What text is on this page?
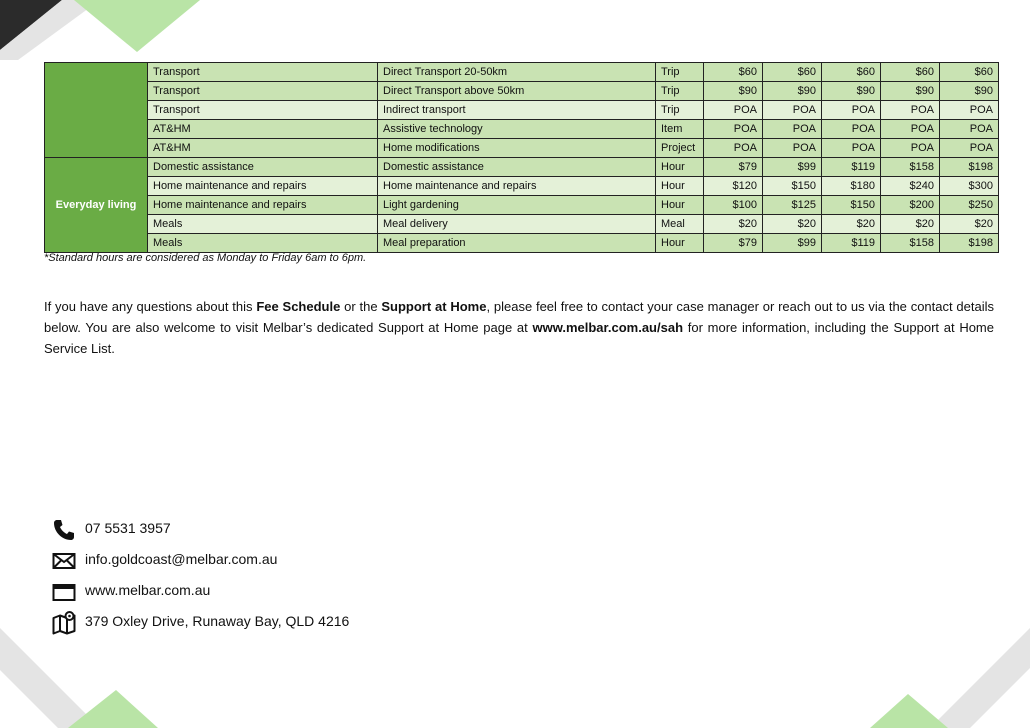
	Transport	Direct Transport 20-50km	Trip	$60	$60	$60	$60	$60
	Transport	Direct Transport above 50km	Trip	$90	$90	$90	$90	$90
	Transport	Indirect transport	Trip	POA	POA	POA	POA	POA
	AT&HM	Assistive technology	Item	POA	POA	POA	POA	POA
	AT&HM	Home modifications	Project	POA	POA	POA	POA	POA
Everyday living	Domestic assistance	Domestic assistance	Hour	$79	$99	$119	$158	$198
	Home maintenance and repairs	Home maintenance and repairs	Hour	$120	$150	$180	$240	$300
	Home maintenance and repairs	Light gardening	Hour	$100	$125	$150	$200	$250
	Meals	Meal delivery	Meal	$20	$20	$20	$20	$20
	Meals	Meal preparation	Hour	$79	$99	$119	$158	$198
*Standard hours are considered as Monday to Friday 6am to 6pm.
If you have any questions about this Fee Schedule or the Support at Home, please feel free to contact your case manager or reach out to us via the contact details below. You are also welcome to visit Melbar’s dedicated Support at Home page at www.melbar.com.au/sah for more information, including the Support at Home Service List.
07 5531 3957
info.goldcoast@melbar.com.au
www.melbar.com.au
379 Oxley Drive, Runaway Bay, QLD 4216
